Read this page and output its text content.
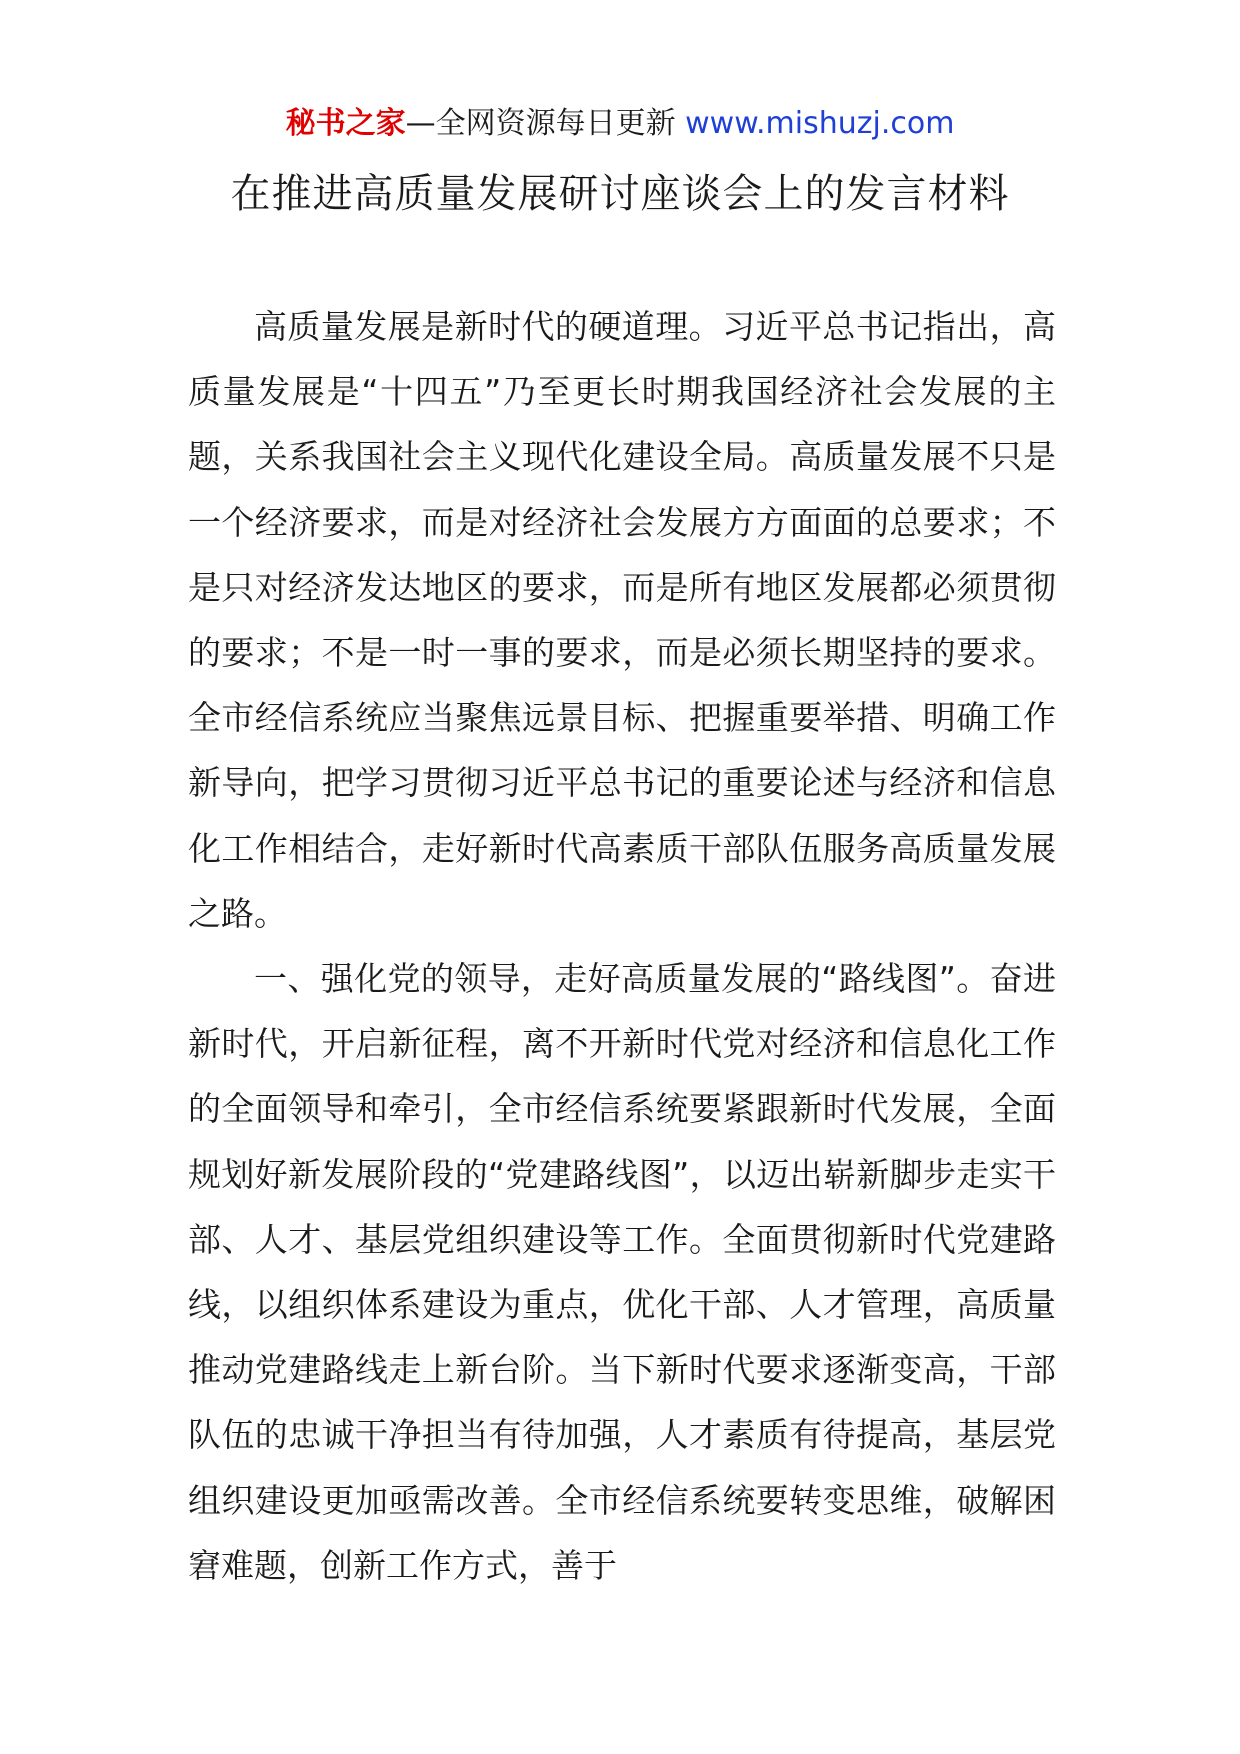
秘书之家—全网资源每日更新 www.mishuzj.com
在推进高质量发展研讨座谈会上的发言材料

高质量发展是新时代的硬道理。习近平总书记指出，高质量发展是“十四五”乃至更长时期我国经济社会发展的主题，关系我国社会主义现代化建设全局。高质量发展不只是一个经济要求，而是对经济社会发展方方面面的总要求；不是只对经济发达地区的要求，而是所有地区发展都必须贯彻的要求；不是一时一事的要求，而是必须长期坚持的要求。全市经信系统应当聚焦远景目标、把握重要举措、明确工作新导向，把学习贯彻习近平总书记的重要论述与经济和信息化工作相结合，走好新时代高素质干部队伍服务高质量发展之路。

一、强化党的领导，走好高质量发展的“路线图”。奋进新时代，开启新征程，离不开新时代党对经济和信息化工作的全面领导和牵引，全市经信系统要紧跟新时代发展，全面规划好新发展阶段的“党建路线图”，以迈出崭新脚步走实干部、人才、基层党组织建设等工作。全面贯彻新时代党建路线，以组织体系建设为重点，优化干部、人才管理，高质量推动党建路线走上新台阶。当下新时代要求逐渐变高，干部队伍的忠诚干净担当有待加强，人才素质有待提高，基层党组织建设更加亟需改善。全市经信系统要转变思维，破解困窘难题，创新工作方式，善于
